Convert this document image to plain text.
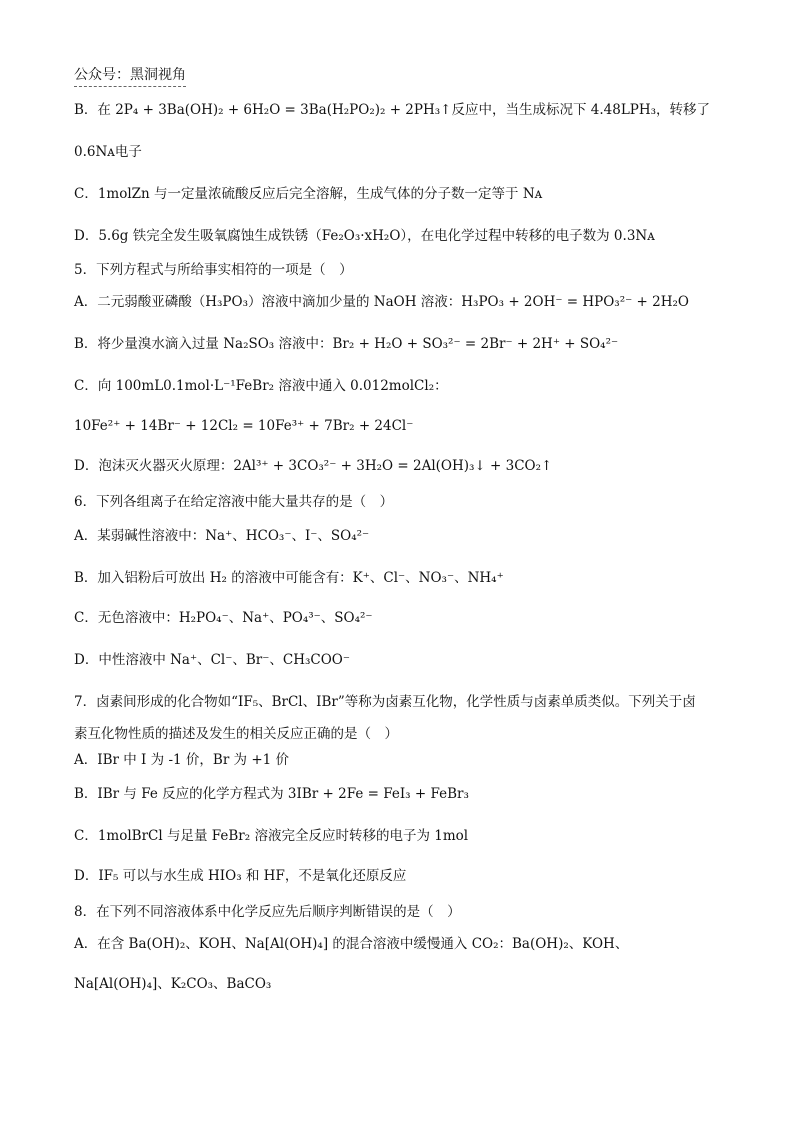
公众号：黑洞视角
B．在 2P₄ + 3Ba(OH)₂ + 6H₂O = 3Ba(H₂PO₂)₂ + 2PH₃↑反应中，当生成标况下 4.48LPH₃，转移了
0.6Nᴀ电子
C．1molZn 与一定量浓硫酸反应后完全溶解，生成气体的分子数一定等于 Nᴀ
D．5.6g 铁完全发生吸氧腐蚀生成铁锈（Fe₂O₃·xH₂O），在电化学过程中转移的电子数为 0.3Nᴀ
5．下列方程式与所给事实相符的一项是（　）
A．二元弱酸亚磷酸（H₃PO₃）溶液中滴加少量的 NaOH 溶液：H₃PO₃ + 2OH⁻ = HPO₃²⁻ + 2H₂O
B．将少量溴水滴入过量 Na₂SO₃ 溶液中：Br₂ + H₂O + SO₃²⁻ = 2Br⁻ + 2H⁺ + SO₄²⁻
C．向 100mL0.1mol·L⁻¹FeBr₂ 溶液中通入 0.012molCl₂：
10Fe²⁺ + 14Br⁻ + 12Cl₂ = 10Fe³⁺ + 7Br₂ + 24Cl⁻
D．泡沫灭火器灭火原理：2Al³⁺ + 3CO₃²⁻ + 3H₂O = 2Al(OH)₃↓ + 3CO₂↑
6．下列各组离子在给定溶液中能大量共存的是（　）
A．某弱碱性溶液中：Na⁺、HCO₃⁻、I⁻、SO₄²⁻
B．加入铝粉后可放出 H₂ 的溶液中可能含有：K⁺、Cl⁻、NO₃⁻、NH₄⁺
C．无色溶液中：H₂PO₄⁻、Na⁺、PO₄³⁻、SO₄²⁻
D．中性溶液中 Na⁺、Cl⁻、Br⁻、CH₃COO⁻
7．卤素间形成的化合物如“IF₅、BrCl、IBr”等称为卤素互化物，化学性质与卤素单质类似。下列关于卤
素互化物性质的描述及发生的相关反应正确的是（　）
A．IBr 中 I 为 -1 价，Br 为 +1 价
B．IBr 与 Fe 反应的化学方程式为 3IBr + 2Fe = FeI₃ + FeBr₃
C．1molBrCl 与足量 FeBr₂ 溶液完全反应时转移的电子为 1mol
D．IF₅ 可以与水生成 HIO₃ 和 HF，不是氧化还原反应
8．在下列不同溶液体系中化学反应先后顺序判断错误的是（　）
A．在含 Ba(OH)₂、KOH、Na[Al(OH)₄] 的混合溶液中缓慢通入 CO₂：Ba(OH)₂、KOH、
Na[Al(OH)₄]、K₂CO₃、BaCO₃
